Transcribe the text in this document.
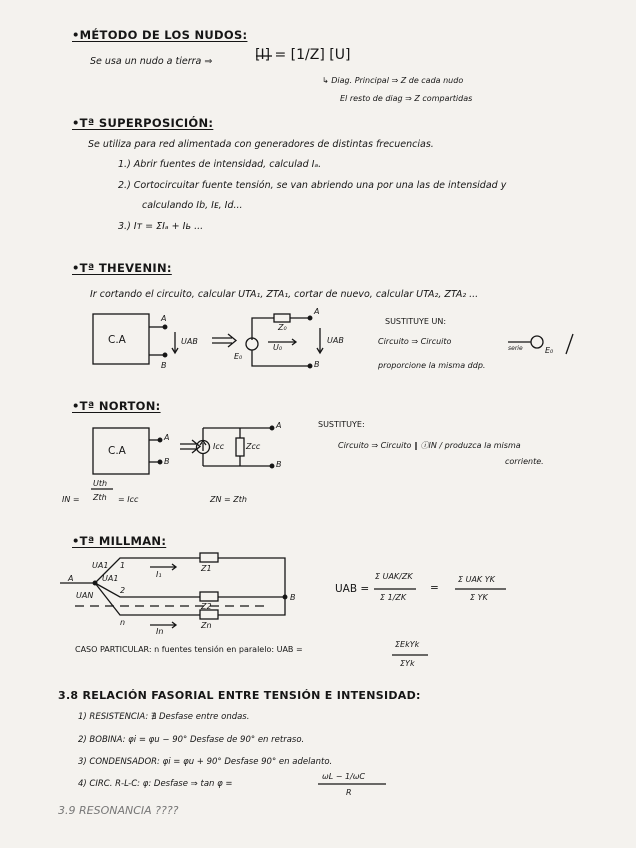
•MÉTODO DE LOS NUDOS:
Se usa un nudo a tierra ⇒	[I] = [1/Z] [U]
↳ Diag. Principal ⇒ Z de cada nudo
El resto de diag ⇒ Z compartidas
•Tª SUPERPOSICIÓN:
Se utiliza para red alimentada con generadores de distintas frecuencias.
1.) Abrir fuentes de intensidad, calculad Iₐ.
2.) Cortocircuitar fuente tensión, se van abriendo una por una las de intensidad y
calculando Ib, Iᴇ, Id...
3.) Iт = ΣIₐ + Iь ...
•Tª THEVENIN:
Ir cortando el circuito, calcular UTA₁, ZTA₁, cortar de nuevo, calcular UTA₂, ZTA₂ ...
C.A
A
B
UAB
Z₀
U₀
E₀
A
B
UAB
SUSTITUYE UN:
Circuito ⇒ Circuito
serie	E₀
proporcione la misma ddp.
•Tª NORTON:
C.A
A
B
Icc	Zcc
A
B
SUSTITUYE:
Circuito ⇒ Circuito ‖ ⓘIN / produzca la misma
corriente.
IN =
Uth
Zth = Icc	ZN = Zth
•Tª MILLMAN:
UA1
UA1
UAN
A
B
I₁
In
Z1
Z2
Zn
1
2
n
UAB =
Σ UAK/ZK
Σ 1/ZK
=
Σ UAK YK
Σ YK
CASO PARTICULAR: n fuentes tensión en paralelo: UAB =
ΣEkYk
ΣYk
3.8 RELACIÓN FASORIAL ENTRE TENSIÓN E INTENSIDAD:
1) RESISTENCIA: ∄ Desfase entre ondas.
2) BOBINA: φi = φu − 90° Desfase de 90° en retraso.
3) CONDENSADOR: φi = φu + 90° Desfase 90° en adelanto.
4) CIRC. R-L-C: φ: Desfase ⇒ tan φ =
ωL − 1/ωC
R
3.9 RESONANCIA ????
